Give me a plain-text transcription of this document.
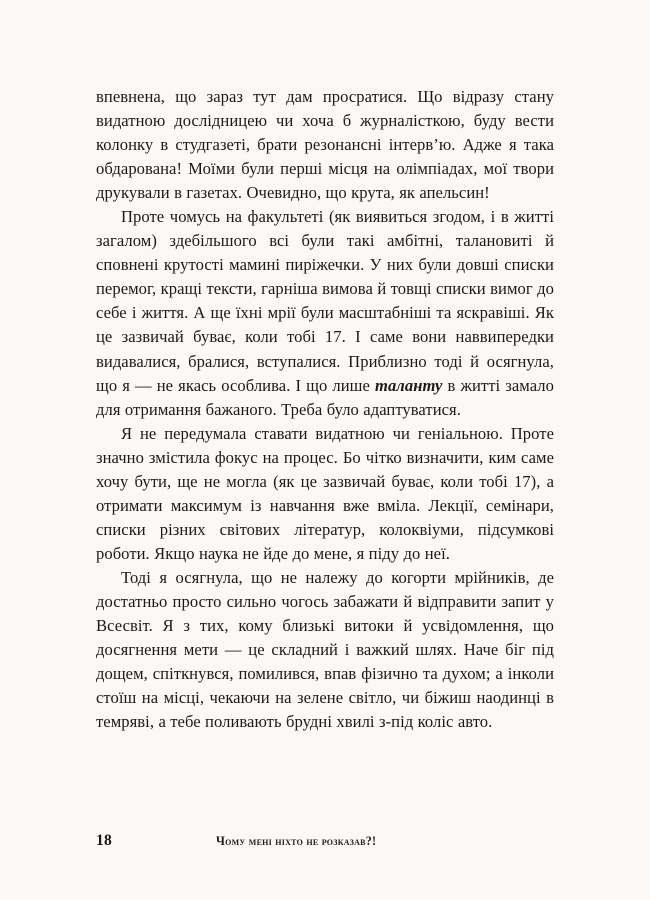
впевнена, що зараз тут дам просратися. Що відразу стану видатною дослідницею чи хоча б журналісткою, буду вести колонку в студгазеті, брати резонансні інтерв’ю. Адже я така обдарована! Моїми були перші місця на олімпіадах, мої твори друкували в газетах. Очевидно, що крута, як апельсин!

Проте чомусь на факультеті (як виявиться згодом, і в житті загалом) здебільшого всі були такі амбітні, талановиті й сповнені крутості мамині пиріжечки. У них були довші списки перемог, кращі тексти, гарніша вимова й товщі списки вимог до себе і життя. А ще їхні мрії були масштабніші та яскравіші. Як це зазвичай буває, коли тобі 17. І саме вони наввипередки видавалися, бралися, вступалися. Приблизно тоді й осягнула, що я — не якась особлива. І що лише таланту в житті замало для отримання бажаного. Треба було адаптуватися.

Я не передумала ставати видатною чи геніальною. Проте значно змістила фокус на процес. Бо чітко визначити, ким саме хочу бути, ще не могла (як це зазвичай буває, коли тобі 17), а отримати максимум із навчання вже вміла. Лекції, семінари, списки різних світових літератур, колоквіуми, підсумкові роботи. Якщо наука не йде до мене, я піду до неї.

Тоді я осягнула, що не належу до когорти мрійників, де достатньо просто сильно чогось забажати й відправити запит у Всесвіт. Я з тих, кому близькі витоки й усвідомлення, що досягнення мети — це складний і важкий шлях. Наче біг під дощем, спіткнувся, помилився, впав фізично та духом; а інколи стоїш на місці, чекаючи на зелене світло, чи біжиш наодинці в темряві, а тебе поливають брудні хвилі з-під коліс авто.

18	Чому мені ніхто не розказав?!
